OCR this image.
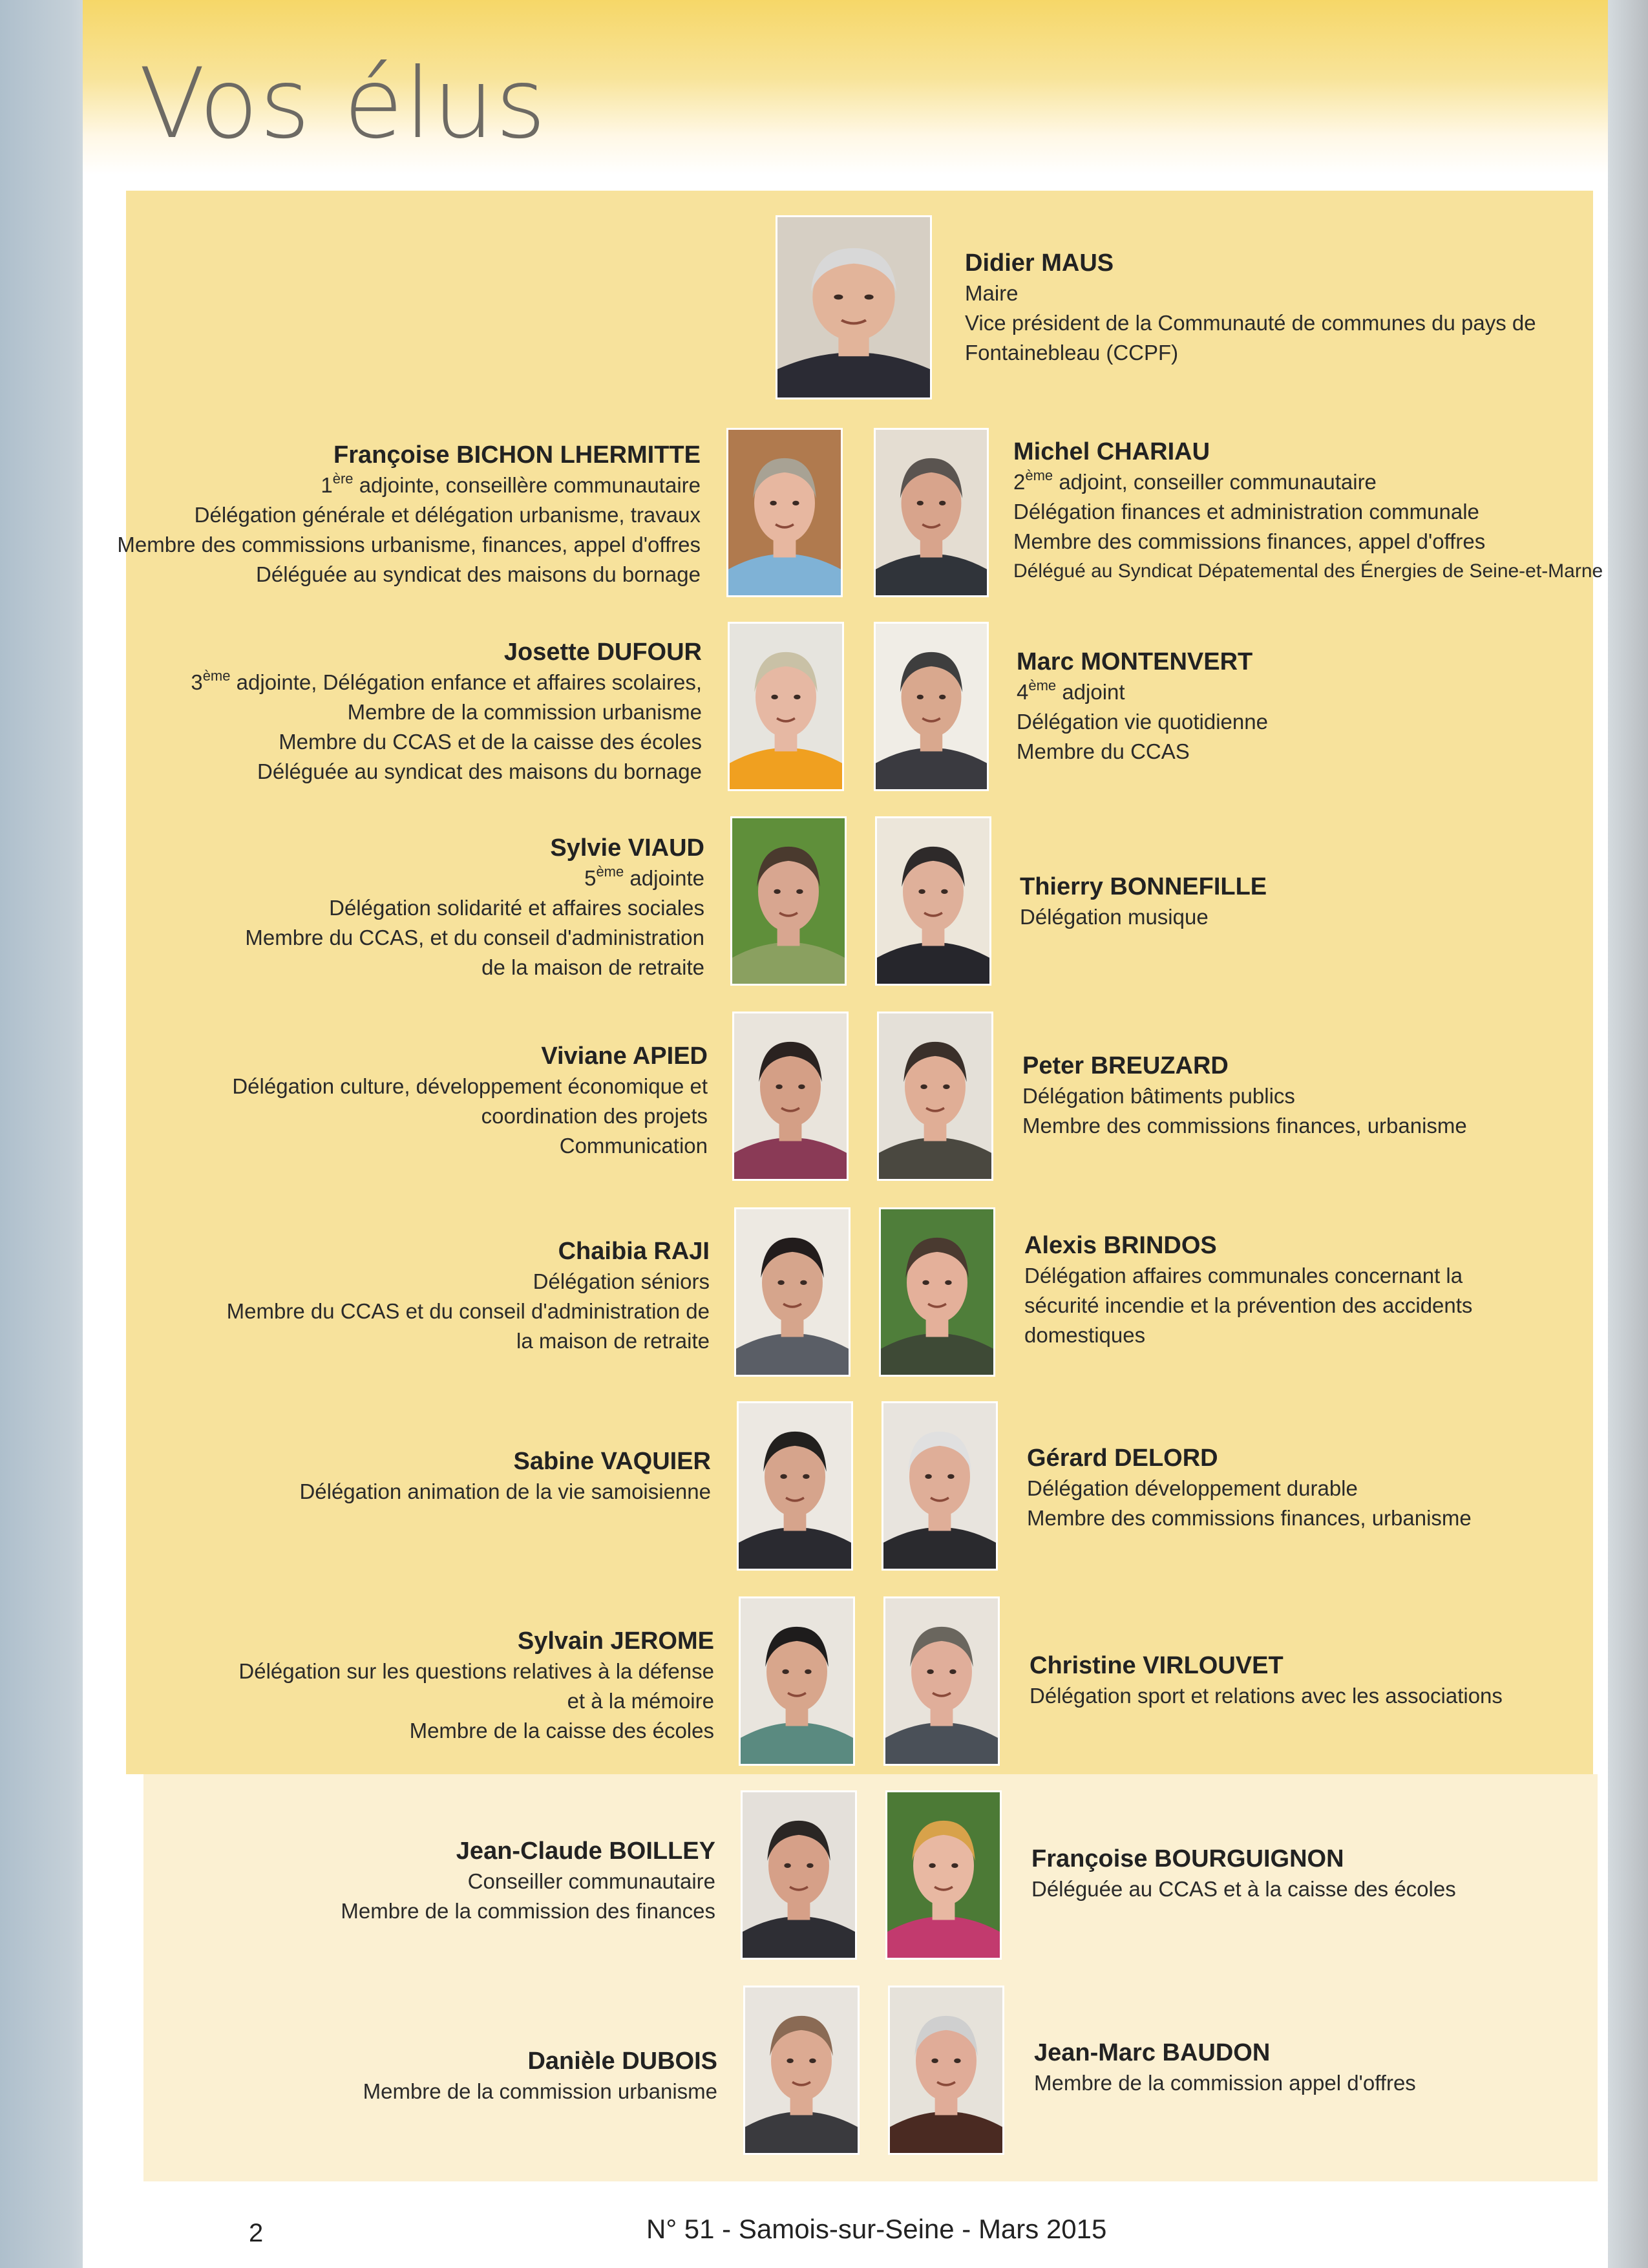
Vos élus
Didier MAUS
Maire
Vice président de la Communauté de communes du pays de
Fontainebleau (CCPF)
Françoise BICHON LHERMITTE
1ère adjointe, conseillère communautaire
Délégation générale et délégation urbanisme, travaux
Membre des commissions urbanisme, finances, appel d'offres
Déléguée au syndicat des maisons du bornage
Michel CHARIAU
2ème adjoint, conseiller communautaire
Délégation finances et administration communale
Membre des commissions finances, appel d'offres
Délégué au Syndicat Dépatemental des Énergies de Seine-et-Marne
Josette DUFOUR
3ème adjointe, Délégation enfance et affaires scolaires,
Membre de la commission urbanisme
Membre du CCAS et de la caisse des écoles
Déléguée au syndicat des maisons du bornage
Marc MONTENVERT
4ème adjoint
Délégation vie quotidienne
Membre du CCAS
Sylvie VIAUD
5ème adjointe
Délégation solidarité et affaires sociales
Membre du CCAS, et du conseil d'administration
de la maison de retraite
Thierry BONNEFILLE
Délégation musique
Viviane APIED
Délégation culture, développement économique et
coordination des projets
Communication
Peter BREUZARD
Délégation bâtiments publics
Membre des commissions finances, urbanisme
Chaibia RAJI
Délégation séniors
Membre du CCAS et du conseil d'administration de
la maison de retraite
Alexis BRINDOS
Délégation affaires communales concernant la
sécurité incendie et la prévention des accidents
domestiques
Sabine VAQUIER
Délégation animation de la vie samoisienne
Gérard DELORD
Délégation développement durable
Membre des commissions finances, urbanisme
Sylvain JEROME
Délégation sur les questions relatives à la défense
et à la mémoire
Membre de la caisse des écoles
Christine VIRLOUVET
Délégation sport et relations avec les associations
Jean-Claude BOILLEY
Conseiller communautaire
Membre de la commission des finances
Françoise BOURGUIGNON
Déléguée au CCAS et à la caisse des écoles
Danièle DUBOIS
Membre de la commission urbanisme
Jean-Marc BAUDON
Membre de la commission appel d'offres
2	N° 51 - Samois-sur-Seine - Mars 2015
